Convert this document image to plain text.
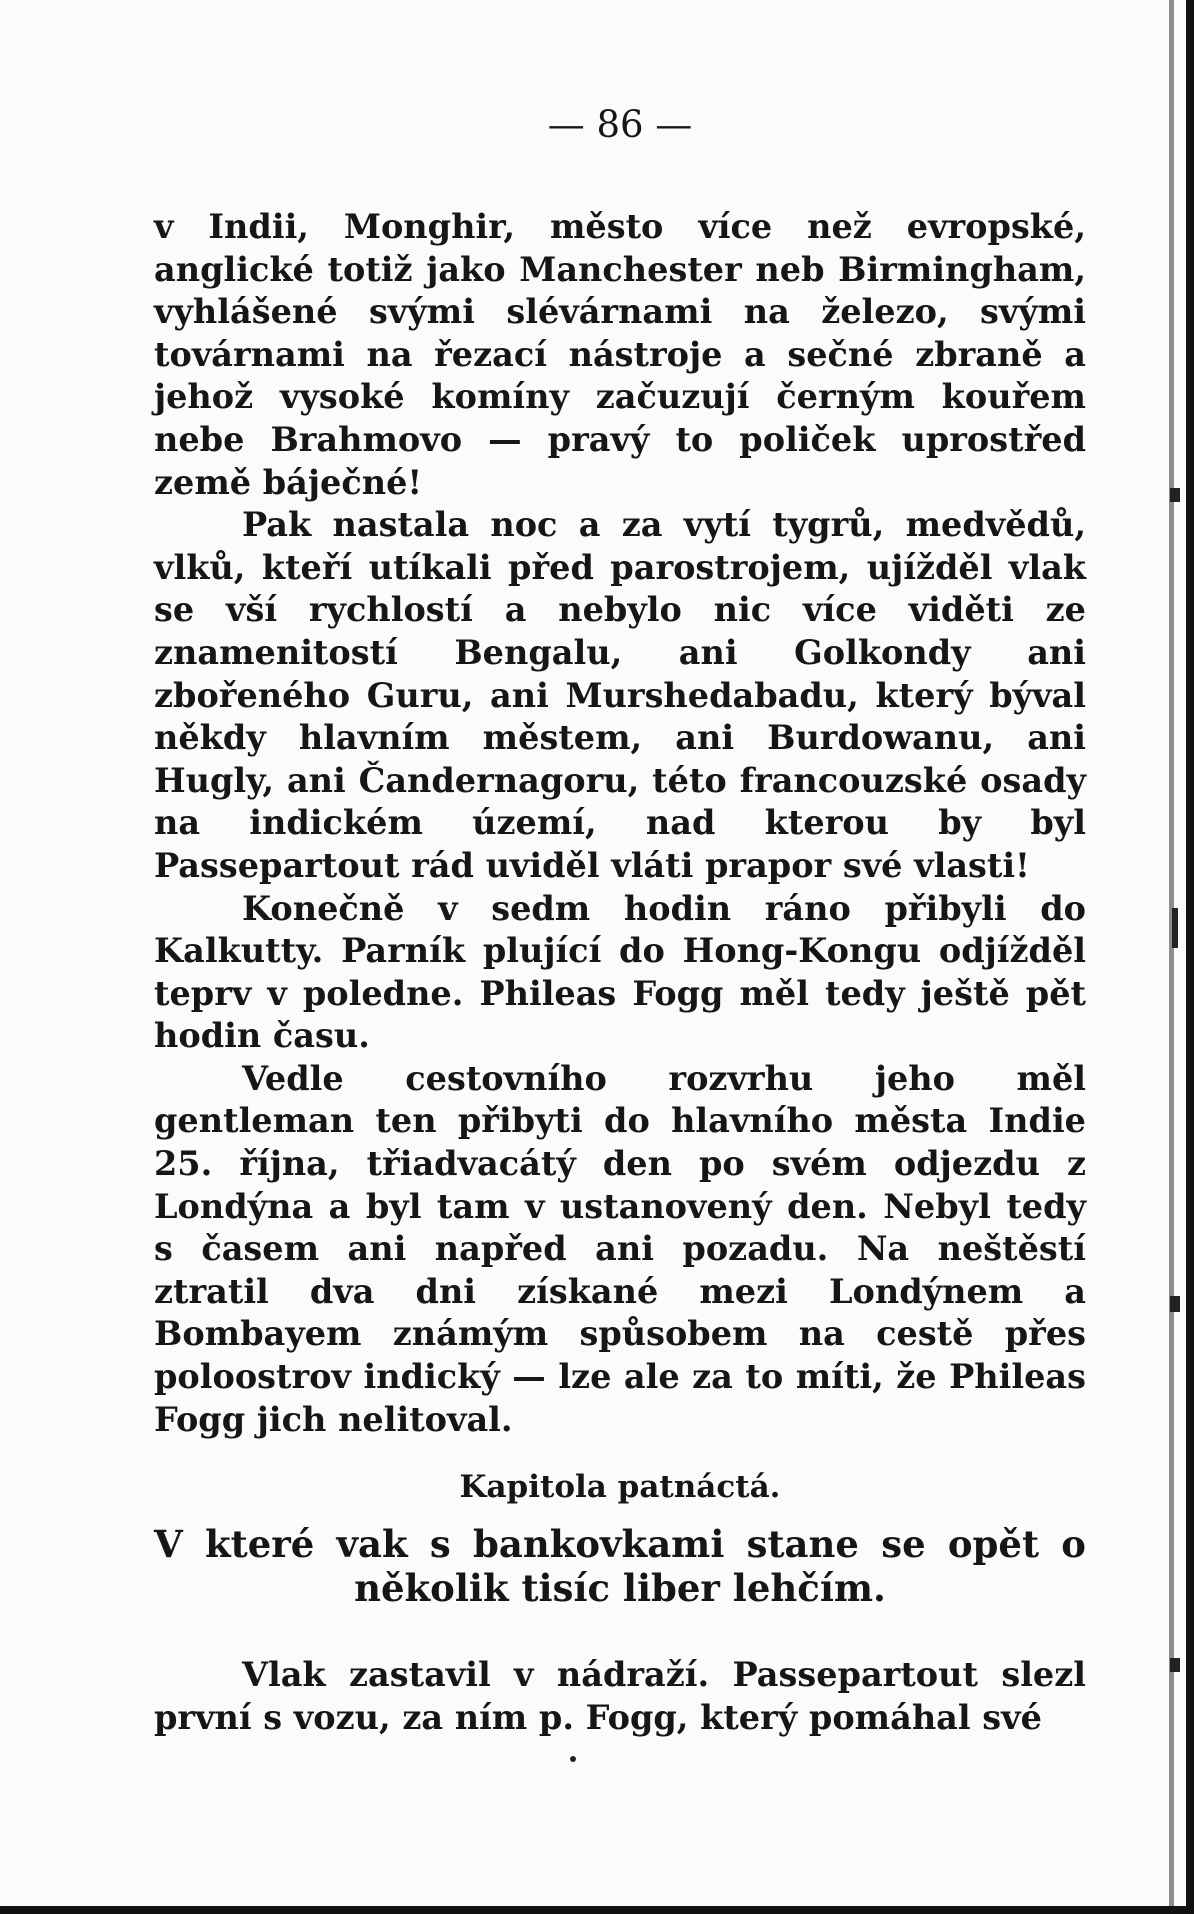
— 86 —

v Indii, Monghir, město více než evropské, anglické totiž jako Manchester neb Birmingham, vyhlášené svými slévárnami na železo, svými továrnami na řezací nástroje a sečné zbraně a jehož vysoké komíny začuzují černým kouřem nebe Brahmovo — pravý to poliček uprostřed země báječné!

Pak nastala noc a za vytí tygrů, medvědů, vlků, kteří utíkali před parostrojem, ujížděl vlak se vší rychlostí a nebylo nic více viděti ze znamenitostí Bengalu, ani Golkondy ani zbořeného Guru, ani Murshedabadu, který býval někdy hlavním městem, ani Burdowanu, ani Hugly, ani Čandernagoru, této francouzské osady na indickém území, nad kterou by byl Passepartout rád uviděl vláti prapor své vlasti!

Konečně v sedm hodin ráno přibyli do Kalkutty. Parník plující do Hong-Kongu odjížděl teprv v poledne. Phileas Fogg měl tedy ještě pět hodin času.

Vedle cestovního rozvrhu jeho měl gentleman ten přibyti do hlavního města Indie 25. října, třiadvacátý den po svém odjezdu z Londýna a byl tam v ustanovený den. Nebyl tedy s časem ani napřed ani pozadu. Na neštěstí ztratil dva dni získané mezi Londýnem a Bombayem známým spůsobem na cestě přes poloostrov indický — lze ale za to míti, že Phileas Fogg jich nelitoval.

Kapitola patnáctá.
V které vak s bankovkami stane se opět o několik tisíc liber lehčím.

Vlak zastavil v nádraží. Passepartout slezl první s vozu, za ním p. Fogg, který pomáhal své
